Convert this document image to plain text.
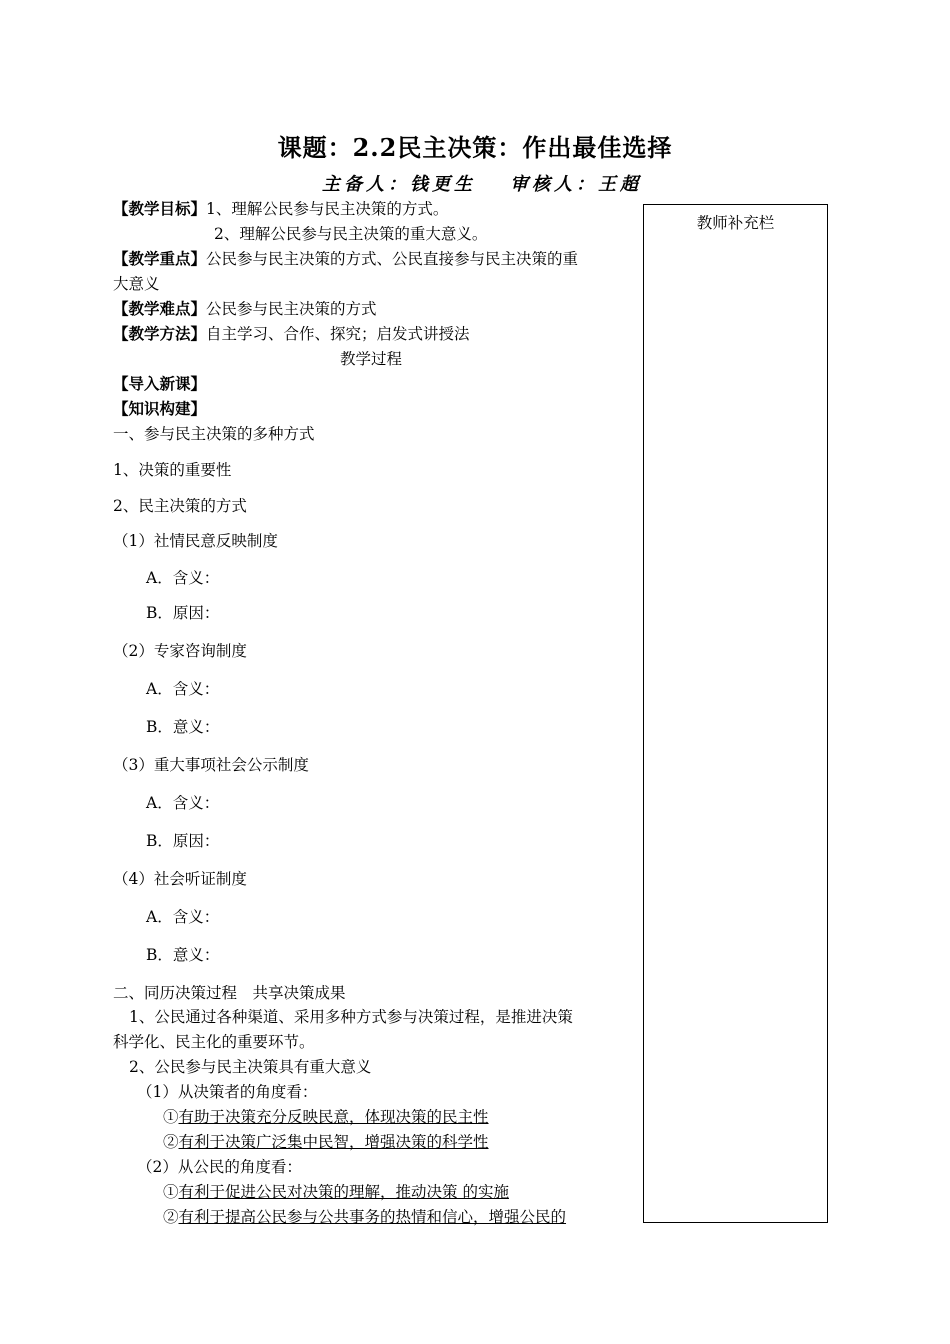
课题：2.2民主决策：作出最佳选择
主备人：钱更生 审核人：王超
教师补充栏
【教学目标】1、理解公民参与民主决策的方式。
2、理解公民参与民主决策的重大意义。
【教学重点】公民参与民主决策的方式、公民直接参与民主决策的重
大意义
【教学难点】公民参与民主决策的方式
【教学方法】自主学习、合作、探究；启发式讲授法
教学过程
【导入新课】
【知识构建】
一、参与民主决策的多种方式
1、决策的重要性
2、民主决策的方式
（1）社情民意反映制度
A．含义：
B．原因：
（2）专家咨询制度
A．含义：
B．意义：
（3）重大事项社会公示制度
A．含义：
B．原因：
（4）社会听证制度
A．含义：
B．意义：
二、同历决策过程　共享决策成果
1、公民通过各种渠道、采用多种方式参与决策过程，是推进决策
科学化、民主化的重要环节。
2、公民参与民主决策具有重大意义
（1）从决策者的角度看：
①有助于决策充分反映民意，体现决策的民主性
②有利于决策广泛集中民智，增强决策的科学性
（2）从公民的角度看：
①有利于促进公民对决策的理解，推动决策 的实施
②有利于提高公民参与公共事务的热情和信心，增强公民的
